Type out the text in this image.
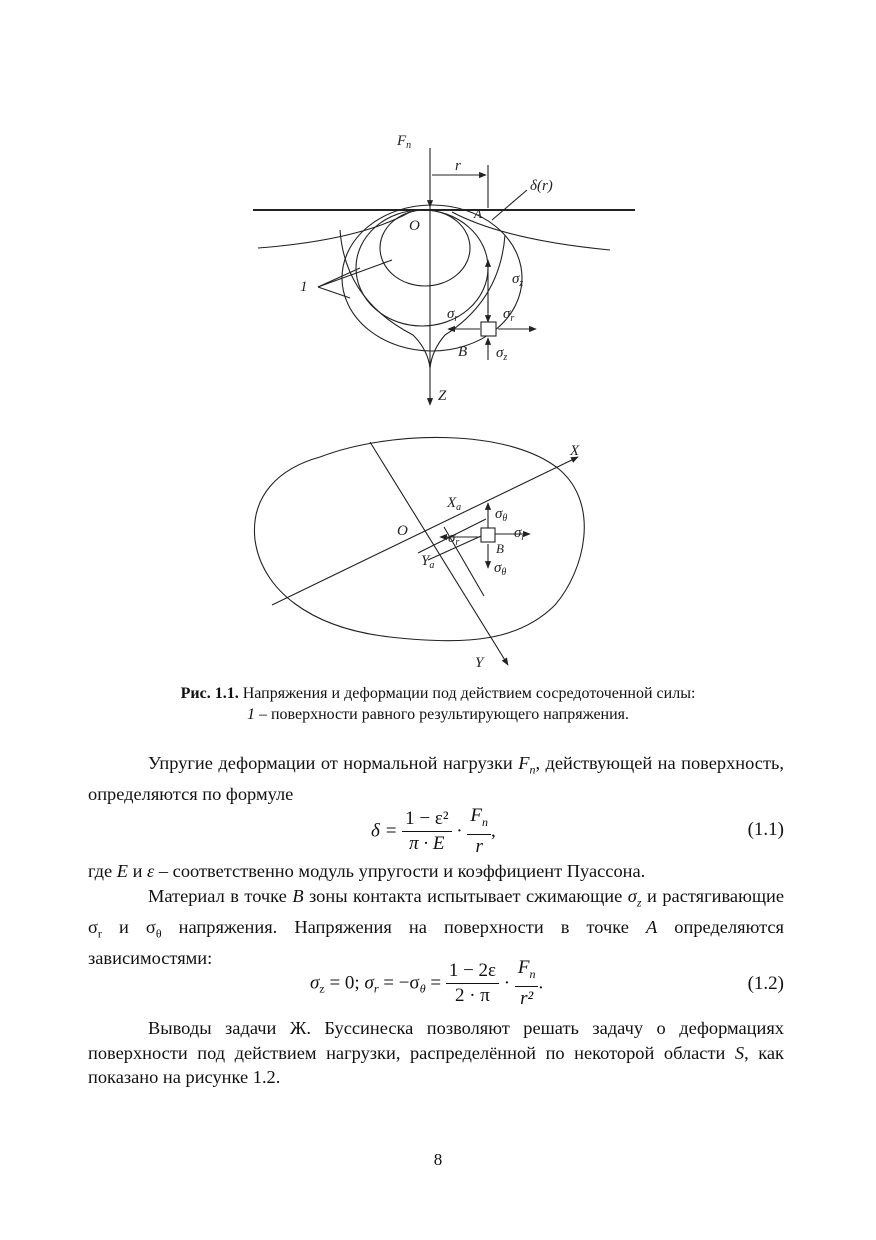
$F_n$
r
δ(r)
O
A
1	$\sigma_z$
$\sigma_r$	$\sigma_r$
B $\sigma_z$
Z
X
$X_a$ $\sigma_\theta$
O	$\sigma_r$
$\sigma_r$	B
$Y_a$	$\sigma_\theta$
Y
Рис. 1.1. Напряжения и деформации под действием сосредоточенной силы:
1 – поверхности равного результирующего напряжения.
Упругие деформации от нормальной нагрузки $F_n$, действующей на поверхность, определяются по формуле
$\delta = \frac{\text{1 − ε²}}{\pi \cdot E} \cdot \frac{F_n}{r}$ ,	(1.1)
где E и ε – соответственно модуль упругости и коэффициент Пуассона.
Материал в точке B зоны контакта испытывает сжимающие $\sigma_z$ и растягивающие $\sigma_r$ и $\sigma_\theta$ напряжения. Напряжения на поверхности в точке A определяются зависимостями:
$\sigma_z = 0$; $\sigma_r = -\sigma_\theta = \frac{1 - 2\varepsilon}{2 \cdot \pi} \cdot \frac{F_n}{\text{r²}}$ .	(1.2)
Выводы задачи Ж. Буссинеска позволяют решать задачу о деформациях поверхности под действием нагрузки, распределённой по некоторой области S, как показано на рисунке 1.2.
8
